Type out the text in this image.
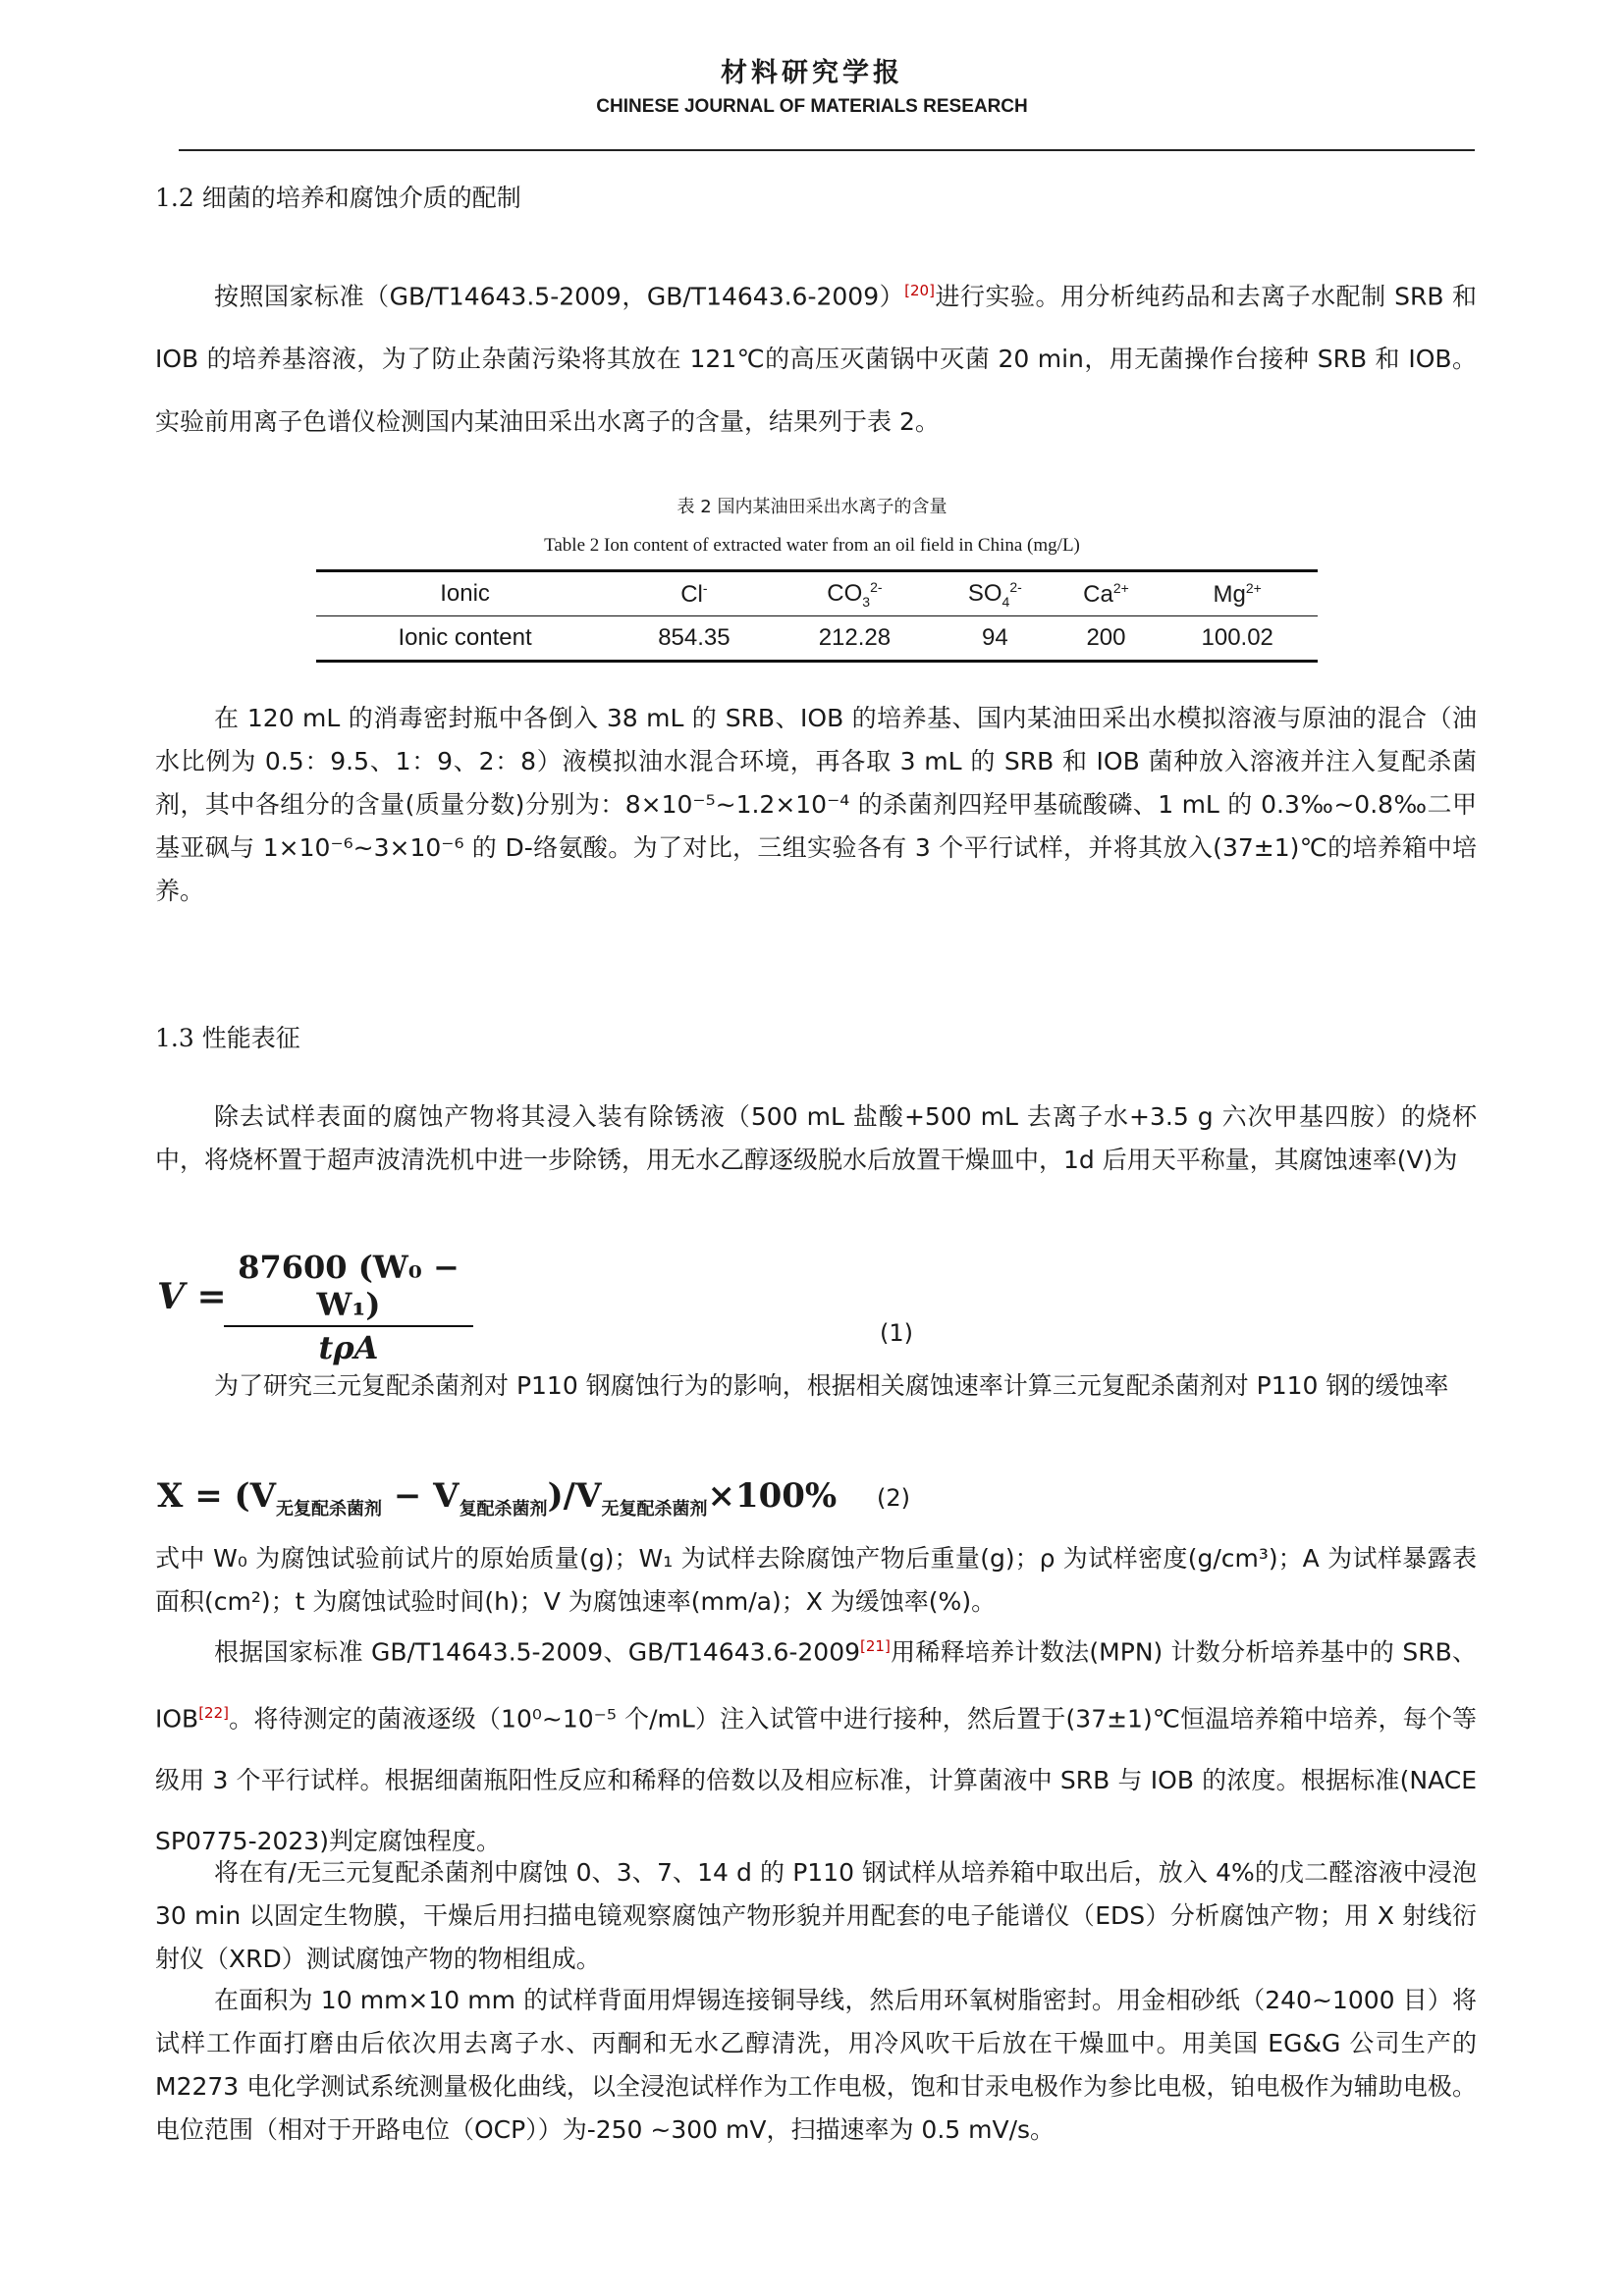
材料研究学报
CHINESE JOURNAL OF MATERIALS RESEARCH
1.2 细菌的培养和腐蚀介质的配制

按照国家标准（GB/T14643.5-2009，GB/T14643.6-2009）[20]进行实验。用分析纯药品和去离子水配制 SRB 和 IOB 的培养基溶液，为了防止杂菌污染将其放在 121℃的高压灭菌锅中灭菌 20 min，用无菌操作台接种 SRB 和 IOB。实验前用离子色谱仪检测国内某油田采出水离子的含量，结果列于表 2。

表 2 国内某油田采出水离子的含量
Table 2 Ion content of extracted water from an oil field in China (mg/L)
Ionic	Cl-	$CO_3^{2-}$	$SO_4^{2-}$	$Ca^{2+}$	$Mg^{2+}$
Ionic content	854.35	212.28	94	200	100.02

在 120 mL 的消毒密封瓶中各倒入 38 mL 的 SRB、IOB 的培养基、国内某油田采出水模拟溶液与原油的混合（油水比例为 0.5：9.5、1：9、2：8）液模拟油水混合环境，再各取 3 mL 的 SRB 和 IOB 菌种放入溶液并注入复配杀菌剂，其中各组分的含量(质量分数)分别为：8×10⁻⁵~1.2×10⁻⁴ 的杀菌剂四羟甲基硫酸磷、1 mL 的 0.3‰~0.8‰二甲基亚砜与 1×10⁻⁶~3×10⁻⁶ 的 D-络氨酸。为了对比，三组实验各有 3 个平行试样，并将其放入(37±1)℃的培养箱中培养。

1.3 性能表征

除去试样表面的腐蚀产物将其浸入装有除锈液（500 mL 盐酸+500 mL 去离子水+3.5 g 六次甲基四胺）的烧杯中，将烧杯置于超声波清洗机中进一步除锈，用无水乙醇逐级脱水后放置干燥皿中，1d 后用天平称量，其腐蚀速率(V)为

V =
87600 (W₀ − W₁)
tρA	(1)

为了研究三元复配杀菌剂对 P110 钢腐蚀行为的影响，根据相关腐蚀速率计算三元复配杀菌剂对 P110 钢的缓蚀率

$X = (V_{无复配杀菌剂} - V_{复配杀菌剂})/V_{无复配杀菌剂}\times 100\%$ (2)

式中 W₀ 为腐蚀试验前试片的原始质量(g)；W₁ 为试样去除腐蚀产物后重量(g)；ρ 为试样密度(g/cm³)；A 为试样暴露表面积(cm²)；t 为腐蚀试验时间(h)；V 为腐蚀速率(mm/a)；X 为缓蚀率(%)。

根据国家标准 GB/T14643.5-2009、GB/T14643.6-2009[21]用稀释培养计数法(MPN) 计数分析培养基中的 SRB、IOB[22]。将待测定的菌液逐级（10⁰~10⁻⁵ 个/mL）注入试管中进行接种，然后置于(37±1)℃恒温培养箱中培养，每个等级用 3 个平行试样。根据细菌瓶阳性反应和稀释的倍数以及相应标准，计算菌液中 SRB 与 IOB 的浓度。根据标准(NACE SP0775-2023)判定腐蚀程度。

将在有/无三元复配杀菌剂中腐蚀 0、3、7、14 d 的 P110 钢试样从培养箱中取出后，放入 4%的戊二醛溶液中浸泡 30 min 以固定生物膜，干燥后用扫描电镜观察腐蚀产物形貌并用配套的电子能谱仪（EDS）分析腐蚀产物；用 X 射线衍射仪（XRD）测试腐蚀产物的物相组成。

在面积为 10 mm×10 mm 的试样背面用焊锡连接铜导线，然后用环氧树脂密封。用金相砂纸（240~1000 目）将试样工作面打磨由后依次用去离子水、丙酮和无水乙醇清洗，用冷风吹干后放在干燥皿中。用美国 EG&G 公司生产的 M2273 电化学测试系统测量极化曲线，以全浸泡试样作为工作电极，饱和甘汞电极作为参比电极，铂电极作为辅助电极。电位范围（相对于开路电位（OCP））为-250 ~300 mV，扫描速率为 0.5 mV/s。
